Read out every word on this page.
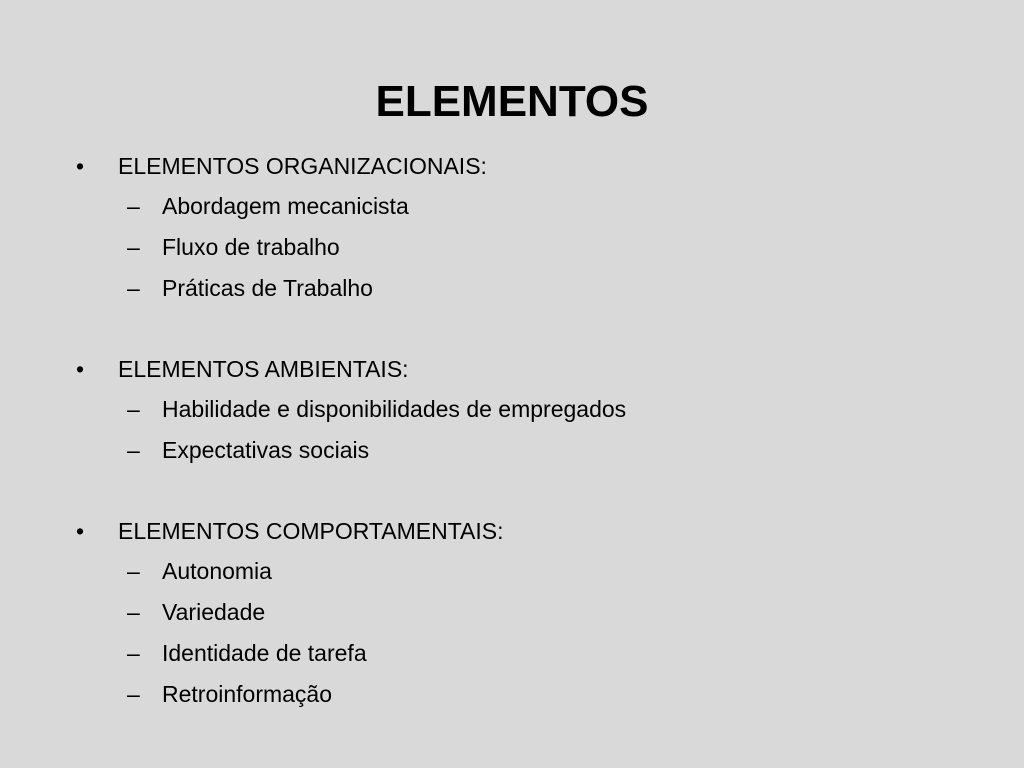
ELEMENTOS
•	ELEMENTOS ORGANIZACIONAIS:
– Abordagem mecanicista
– Fluxo de trabalho
– Práticas de Trabalho
•	ELEMENTOS AMBIENTAIS:
– Habilidade e disponibilidades de empregados
– Expectativas sociais
•	ELEMENTOS COMPORTAMENTAIS:
– Autonomia
– Variedade
– Identidade de tarefa
– Retroinformação
